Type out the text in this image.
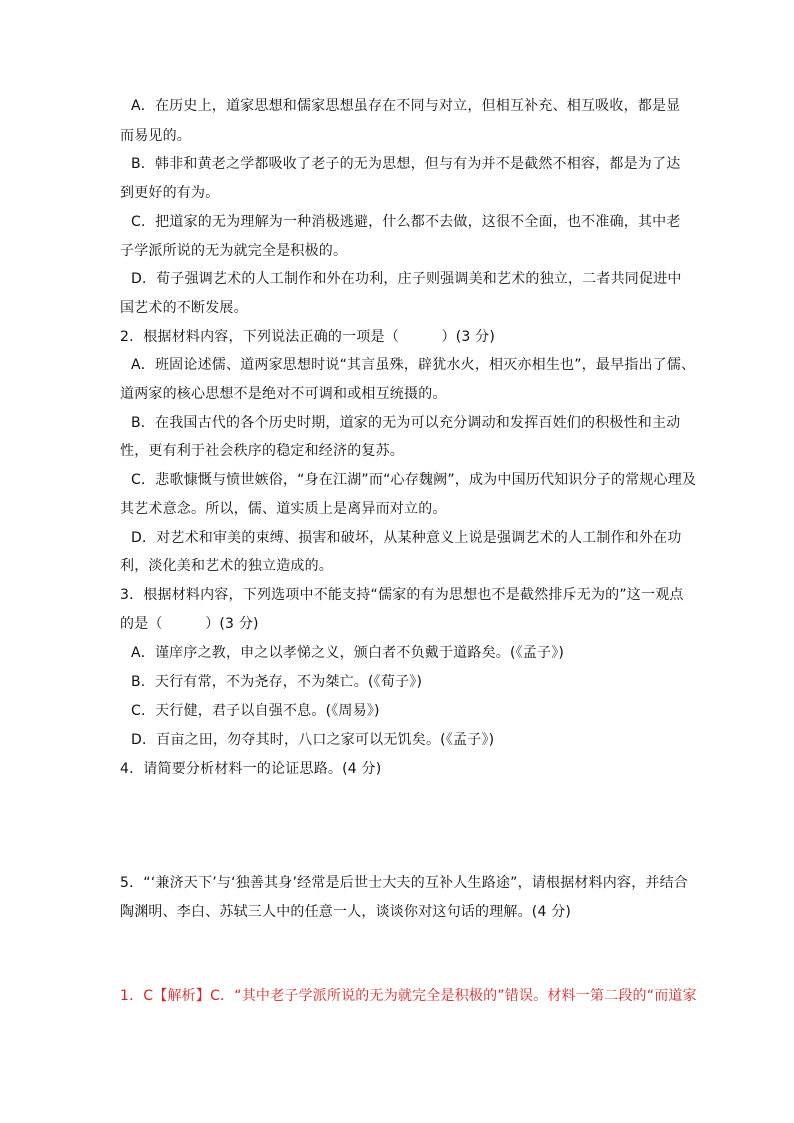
A．在历史上，道家思想和儒家思想虽存在不同与对立，但相互补充、相互吸收，都是显
而易见的。
B．韩非和黄老之学都吸收了老子的无为思想，但与有为并不是截然不相容，都是为了达
到更好的有为。
C．把道家的无为理解为一种消极逃避，什么都不去做，这很不全面，也不准确，其中老
子学派所说的无为就完全是积极的。
D．荀子强调艺术的人工制作和外在功利，庄子则强调美和艺术的独立，二者共同促进中
国艺术的不断发展。
2．根据材料内容，下列说法正确的一项是（　　　）(3 分)
A．班固论述儒、道两家思想时说“其言虽殊，辟犹水火，相灭亦相生也”，最早指出了儒、
道两家的核心思想不是绝对不可调和或相互统摄的。
B．在我国古代的各个历史时期，道家的无为可以充分调动和发挥百姓们的积极性和主动
性，更有利于社会秩序的稳定和经济的复苏。
C．悲歌慷慨与愤世嫉俗，“身在江湖”而“心存魏阙”，成为中国历代知识分子的常规心理及
其艺术意念。所以，儒、道实质上是离异而对立的。
D．对艺术和审美的束缚、损害和破坏，从某种意义上说是强调艺术的人工制作和外在功
利，淡化美和艺术的独立造成的。
3．根据材料内容，下列选项中不能支持“儒家的有为思想也不是截然排斥无为的”这一观点
的是（　　　）(3 分)
A．谨庠序之教，申之以孝悌之义，颁白者不负戴于道路矣。(《孟子》)
B．天行有常，不为尧存，不为桀亡。(《荀子》)
C．天行健，君子以自强不息。(《周易》)
D．百亩之田，勿夺其时，八口之家可以无饥矣。(《孟子》)
4．请简要分析材料一的论证思路。(4 分)
5．“‘兼济天下’与‘独善其身’经常是后世士大夫的互补人生路途”，请根据材料内容，并结合
陶渊明、李白、苏轼三人中的任意一人，谈谈你对这句话的理解。(4 分)
1．C【解析】C．“其中老子学派所说的无为就完全是积极的”错误。材料一第二段的“而道家
